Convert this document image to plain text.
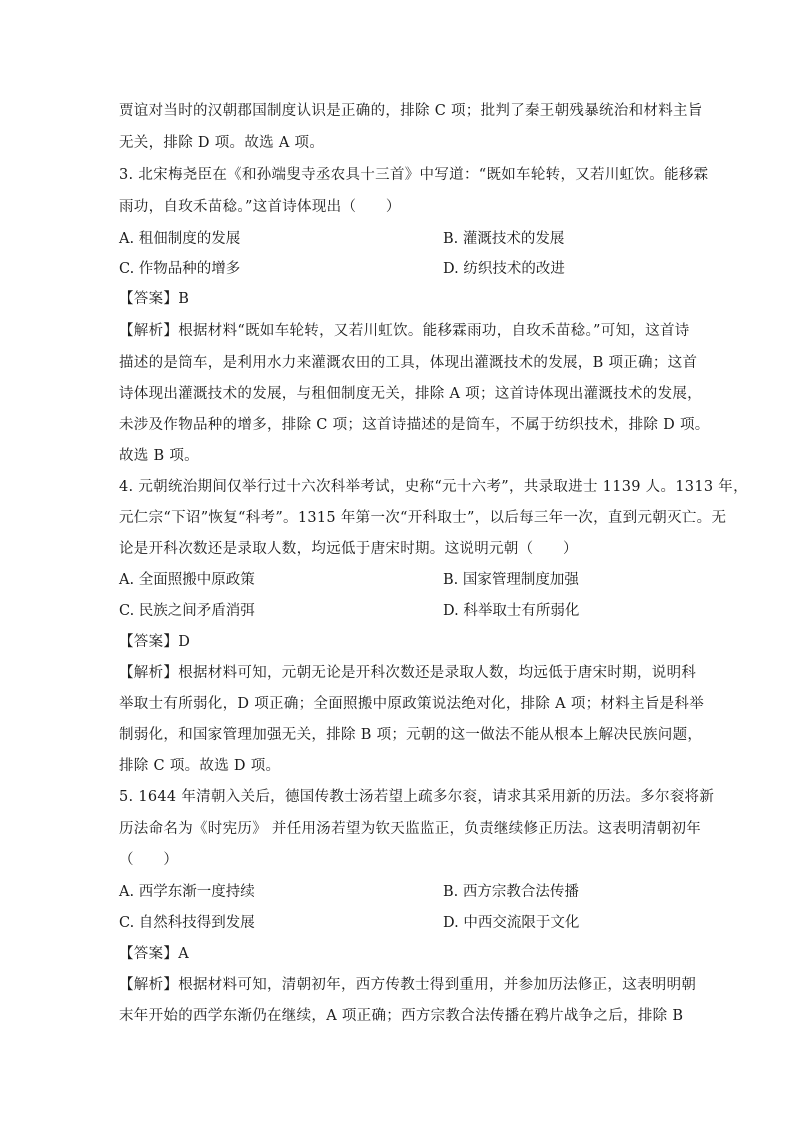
贾谊对当时的汉朝郡国制度认识是正确的，排除 C 项；批判了秦王朝残暴统治和材料主旨
无关，排除 D 项。故选 A 项。
3. 北宋梅尧臣在《和孙端叟寺丞农具十三首》中写道：“既如车轮转，又若川虹饮。能移霖
雨功，自玫禾苗稔。”这首诗体现出（　　）
A. 租佃制度的发展	B. 灌溉技术的发展
C. 作物品种的增多	D. 纺织技术的改进
【答案】B
【解析】根据材料“既如车轮转，又若川虹饮。能移霖雨功，自玫禾苗稔。”可知，这首诗
描述的是筒车，是利用水力来灌溉农田的工具，体现出灌溉技术的发展，B 项正确；这首
诗体现出灌溉技术的发展，与租佃制度无关，排除 A 项；这首诗体现出灌溉技术的发展，
未涉及作物品种的增多，排除 C 项；这首诗描述的是筒车，不属于纺织技术，排除 D 项。
故选 B 项。
4. 元朝统治期间仅举行过十六次科举考试，史称“元十六考”，共录取进士 1139 人。1313 年，
元仁宗“下诏”恢复“科考”。1315 年第一次“开科取士”，以后每三年一次，直到元朝灭亡。无
论是开科次数还是录取人数，均远低于唐宋时期。这说明元朝（　　）
A. 全面照搬中原政策	B. 国家管理制度加强
C. 民族之间矛盾消弭	D. 科举取士有所弱化
【答案】D
【解析】根据材料可知，元朝无论是开科次数还是录取人数，均远低于唐宋时期，说明科
举取士有所弱化，D 项正确；全面照搬中原政策说法绝对化，排除 A 项；材料主旨是科举
制弱化，和国家管理加强无关，排除 B 项；元朝的这一做法不能从根本上解决民族问题，
排除 C 项。故选 D 项。
5. 1644 年清朝入关后，德国传教士汤若望上疏多尔衮，请求其采用新的历法。多尔衮将新
历法命名为《时宪历》 并任用汤若望为钦天监监正，负责继续修正历法。这表明清朝初年
（　　）
A. 西学东渐一度持续	B. 西方宗教合法传播
C. 自然科技得到发展	D. 中西交流限于文化
【答案】A
【解析】根据材料可知，清朝初年，西方传教士得到重用，并参加历法修正，这表明明朝
末年开始的西学东渐仍在继续，A 项正确；西方宗教合法传播在鸦片战争之后，排除 B
